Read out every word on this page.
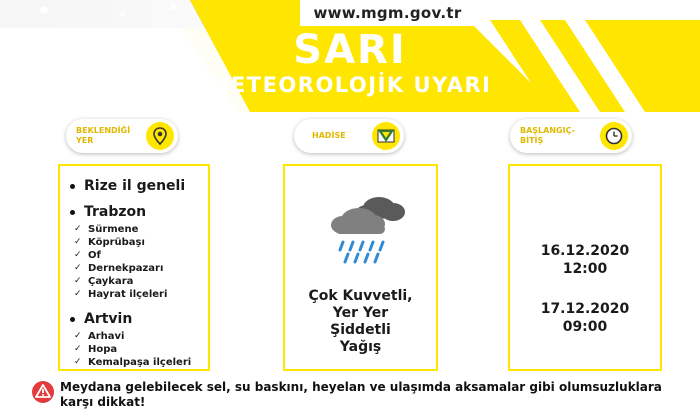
www.mgm.gov.tr
SARI
METEOROLOJİK UYARI
BEKLENDİĞİ YER
HADİSE
BAŞLANGIÇ-BİTİŞ
Rize il geneli
Trabzon
✓ Sürmene
✓ Köprübaşı
✓ Of
✓ Dernekpazarı
✓ Çaykara
✓ Hayrat ilçeleri
Artvin
✓ Arhavi
✓ Hopa
✓ Kemalpaşa ilçeleri
Çok Kuvvetli,
Yer Yer
Şiddetli
Yağış
16.12.2020
12:00
17.12.2020
09:00
Meydana gelebilecek sel, su baskını, heyelan ve ulaşımda aksamalar gibi olumsuzluklara karşı dikkat!
